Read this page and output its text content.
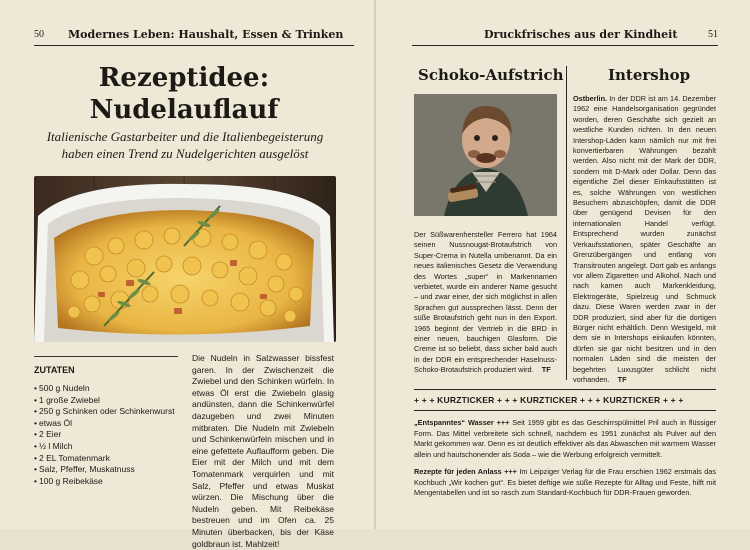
50 Modernes Leben: Haushalt, Essen & Trinken
Rezeptidee:
Nudelauflauf
Italienische Gastarbeiter und die Italienbegeisterung haben einen Trend zu Nudelgerichten ausgelöst
ZUTATEN
• 500 g Nudeln
• 1 große Zwiebel
• 250 g Schinken oder Schinkenwurst
• etwas Öl
• 2 Eier
• ½ l Milch
• 2 EL Tomatenmark
• Salz, Pfeffer, Muskatnuss
• 100 g Reibekäse
Die Nudeln in Salzwasser bissfest garen. In der Zwischenzeit die Zwiebel und den Schinken würfeln. In etwas Öl erst die Zwiebeln glasig andünsten, dann die Schinkenwürfel dazugeben und zwei Minuten mitbraten. Die Nudeln mit Zwiebeln und Schinkenwürfeln mischen und in eine gefettete Auflaufform geben. Die Eier mit der Milch und mit dem Tomatenmark verquirlen und mit Salz, Pfeffer und etwas Muskat würzen. Die Mischung über die Nudeln geben. Mit Reibekäse bestreuen und im Ofen ca. 25 Minuten überbacken, bis der Käse goldbraun ist. Mahlzeit!
Druckfrisches aus der Kindheit	51
Schoko-Aufstrich	Intershop
Der Süßwarenhersteller Ferrero hat 1964 seinen Nussnougat-Brotaufstrich von Super-Crema in Nutella umbenannt. Da ein neues italienisches Gesetz die Verwendung des Wortes „super“ in Markennamen verbietet, wurde ein anderer Name gesucht – und zwar einer, der sich möglichst in allen Sprachen gut aussprechen lässt. Denn der süße Brotaufstrich geht nun in den Export. 1965 beginnt der Vertrieb in die BRD in einer neuen, bauchigen Glasform. Die Creme ist so beliebt, dass sicher bald auch in der DDR ein entsprechender Haselnuss-Schoko-Brotaufstrich produziert wird. TF
Ostberlin. In der DDR ist am 14. Dezember 1962 eine Handelsorganisation gegründet worden, deren Geschäfte sich gezielt an westliche Kunden richten. In den neuen Intershop-Läden kann nämlich nur mit frei konvertierbaren Währungen bezahlt werden. Also nicht mit der Mark der DDR, sondern mit D-Mark oder Dollar. Denn das eigentliche Ziel dieser Einkaufsstätten ist es, solche Währungen von westlichen Besuchern abzuschöpfen, damit die DDR über genügend Devisen für den internationalen Handel verfügt. Entsprechend wurden zunächst Verkaufsstationen, später Geschäfte an Grenzübergängen und entlang von Transitrouten angelegt. Dort gab es anfangs vor allem Zigaretten und Alkohol. Nach und nach kamen auch Markenkleidung, Elektrogeräte, Spielzeug und Schmuck dazu. Diese Waren werden zwar in der DDR produziert, sind aber für die dortigen Bürger nicht erhältlich. Denn Westgeld, mit dem sie in Intershops einkaufen könnten, dürfen sie gar nicht besitzen und in den normalen Läden sind die meisten der begehrten Luxusgüter schlicht nicht vorhanden. TF
+ + + KURZTICKER + + + KURZTICKER + + + KURZTICKER + + +
„Entspanntes“ Wasser +++ Seit 1959 gibt es das Geschirrspülmittel Pril auch in flüssiger Form. Das Mittel verbreitete sich schnell, nachdem es 1951 zunächst als Pulver auf den Markt gekommen war. Denn es ist deutlich effektiver als das Abwaschen mit warmem Wasser allein und hautschonender als Soda – wie die Werbung erfolgreich vermittelt.
Rezepte für jeden Anlass +++ Im Leipziger Verlag für die Frau erschien 1962 erstmals das Kochbuch „Wir kochen gut“. Es bietet deftige wie süße Rezepte für Alltag und Feste, hilft mit Mengentabellen und ist so rasch zum Standard-Kochbuch für DDR-Frauen geworden.
